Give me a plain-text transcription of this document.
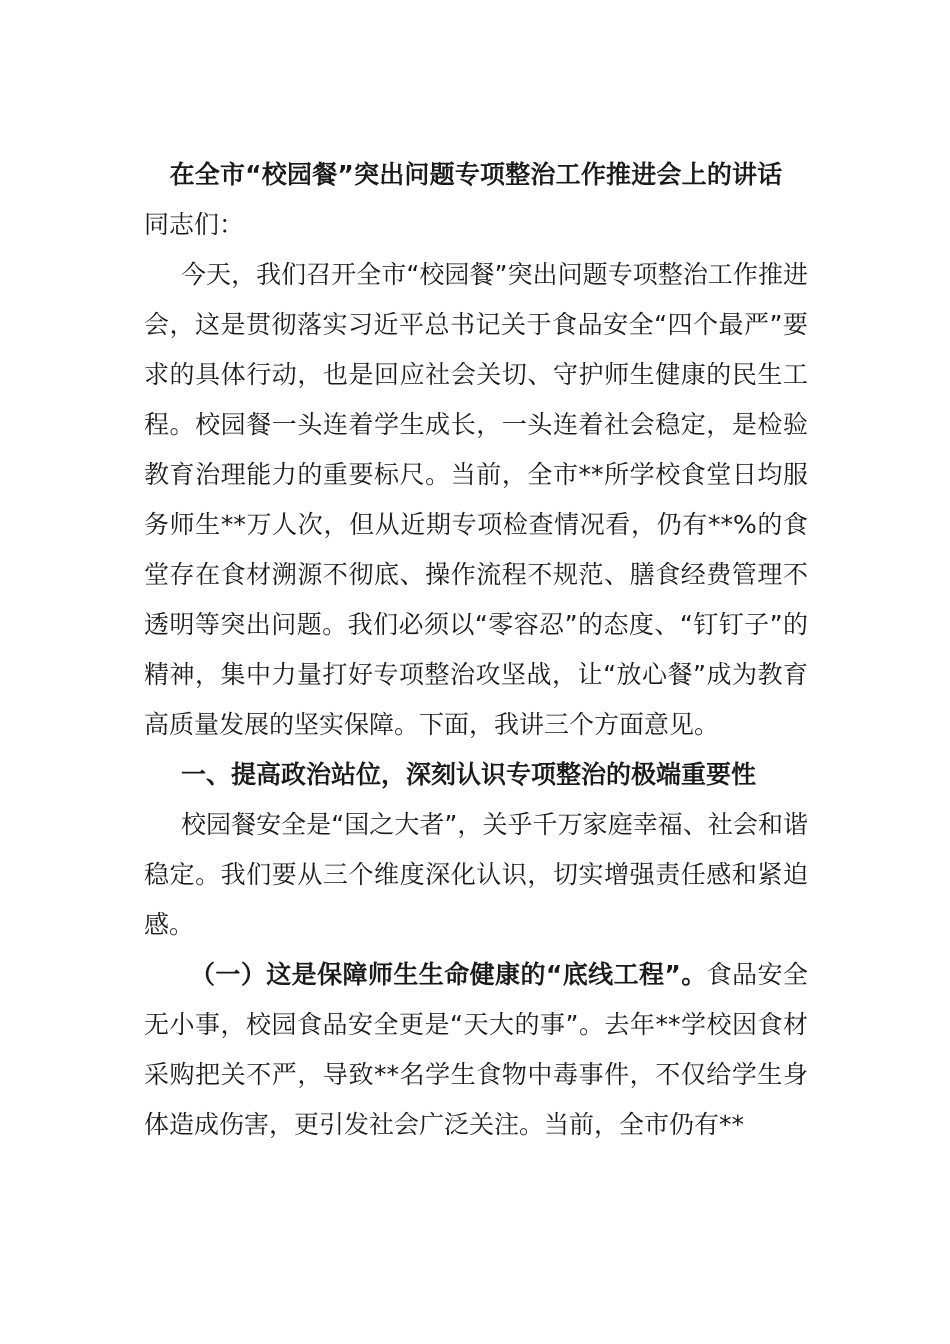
在全市“校园餐”突出问题专项整治工作推进会上的讲话

同志们：

今天，我们召开全市“校园餐”突出问题专项整治工作推进会，这是贯彻落实习近平总书记关于食品安全“四个最严”要求的具体行动，也是回应社会关切、守护师生健康的民生工程。校园餐一头连着学生成长，一头连着社会稳定，是检验教育治理能力的重要标尺。当前，全市**所学校食堂日均服务师生**万人次，但从近期专项检查情况看，仍有**%的食堂存在食材溯源不彻底、操作流程不规范、膳食经费管理不透明等突出问题。我们必须以“零容忍”的态度、“钉钉子”的精神，集中力量打好专项整治攻坚战，让“放心餐”成为教育高质量发展的坚实保障。下面，我讲三个方面意见。

一、提高政治站位，深刻认识专项整治的极端重要性

校园餐安全是“国之大者”，关乎千万家庭幸福、社会和谐稳定。我们要从三个维度深化认识，切实增强责任感和紧迫感。

（一）这是保障师生生命健康的“底线工程”。食品安全无小事，校园食品安全更是“天大的事”。去年**学校因食材采购把关不严，导致**名学生食物中毒事件，不仅给学生身体造成伤害，更引发社会广泛关注。当前，全市仍有**
